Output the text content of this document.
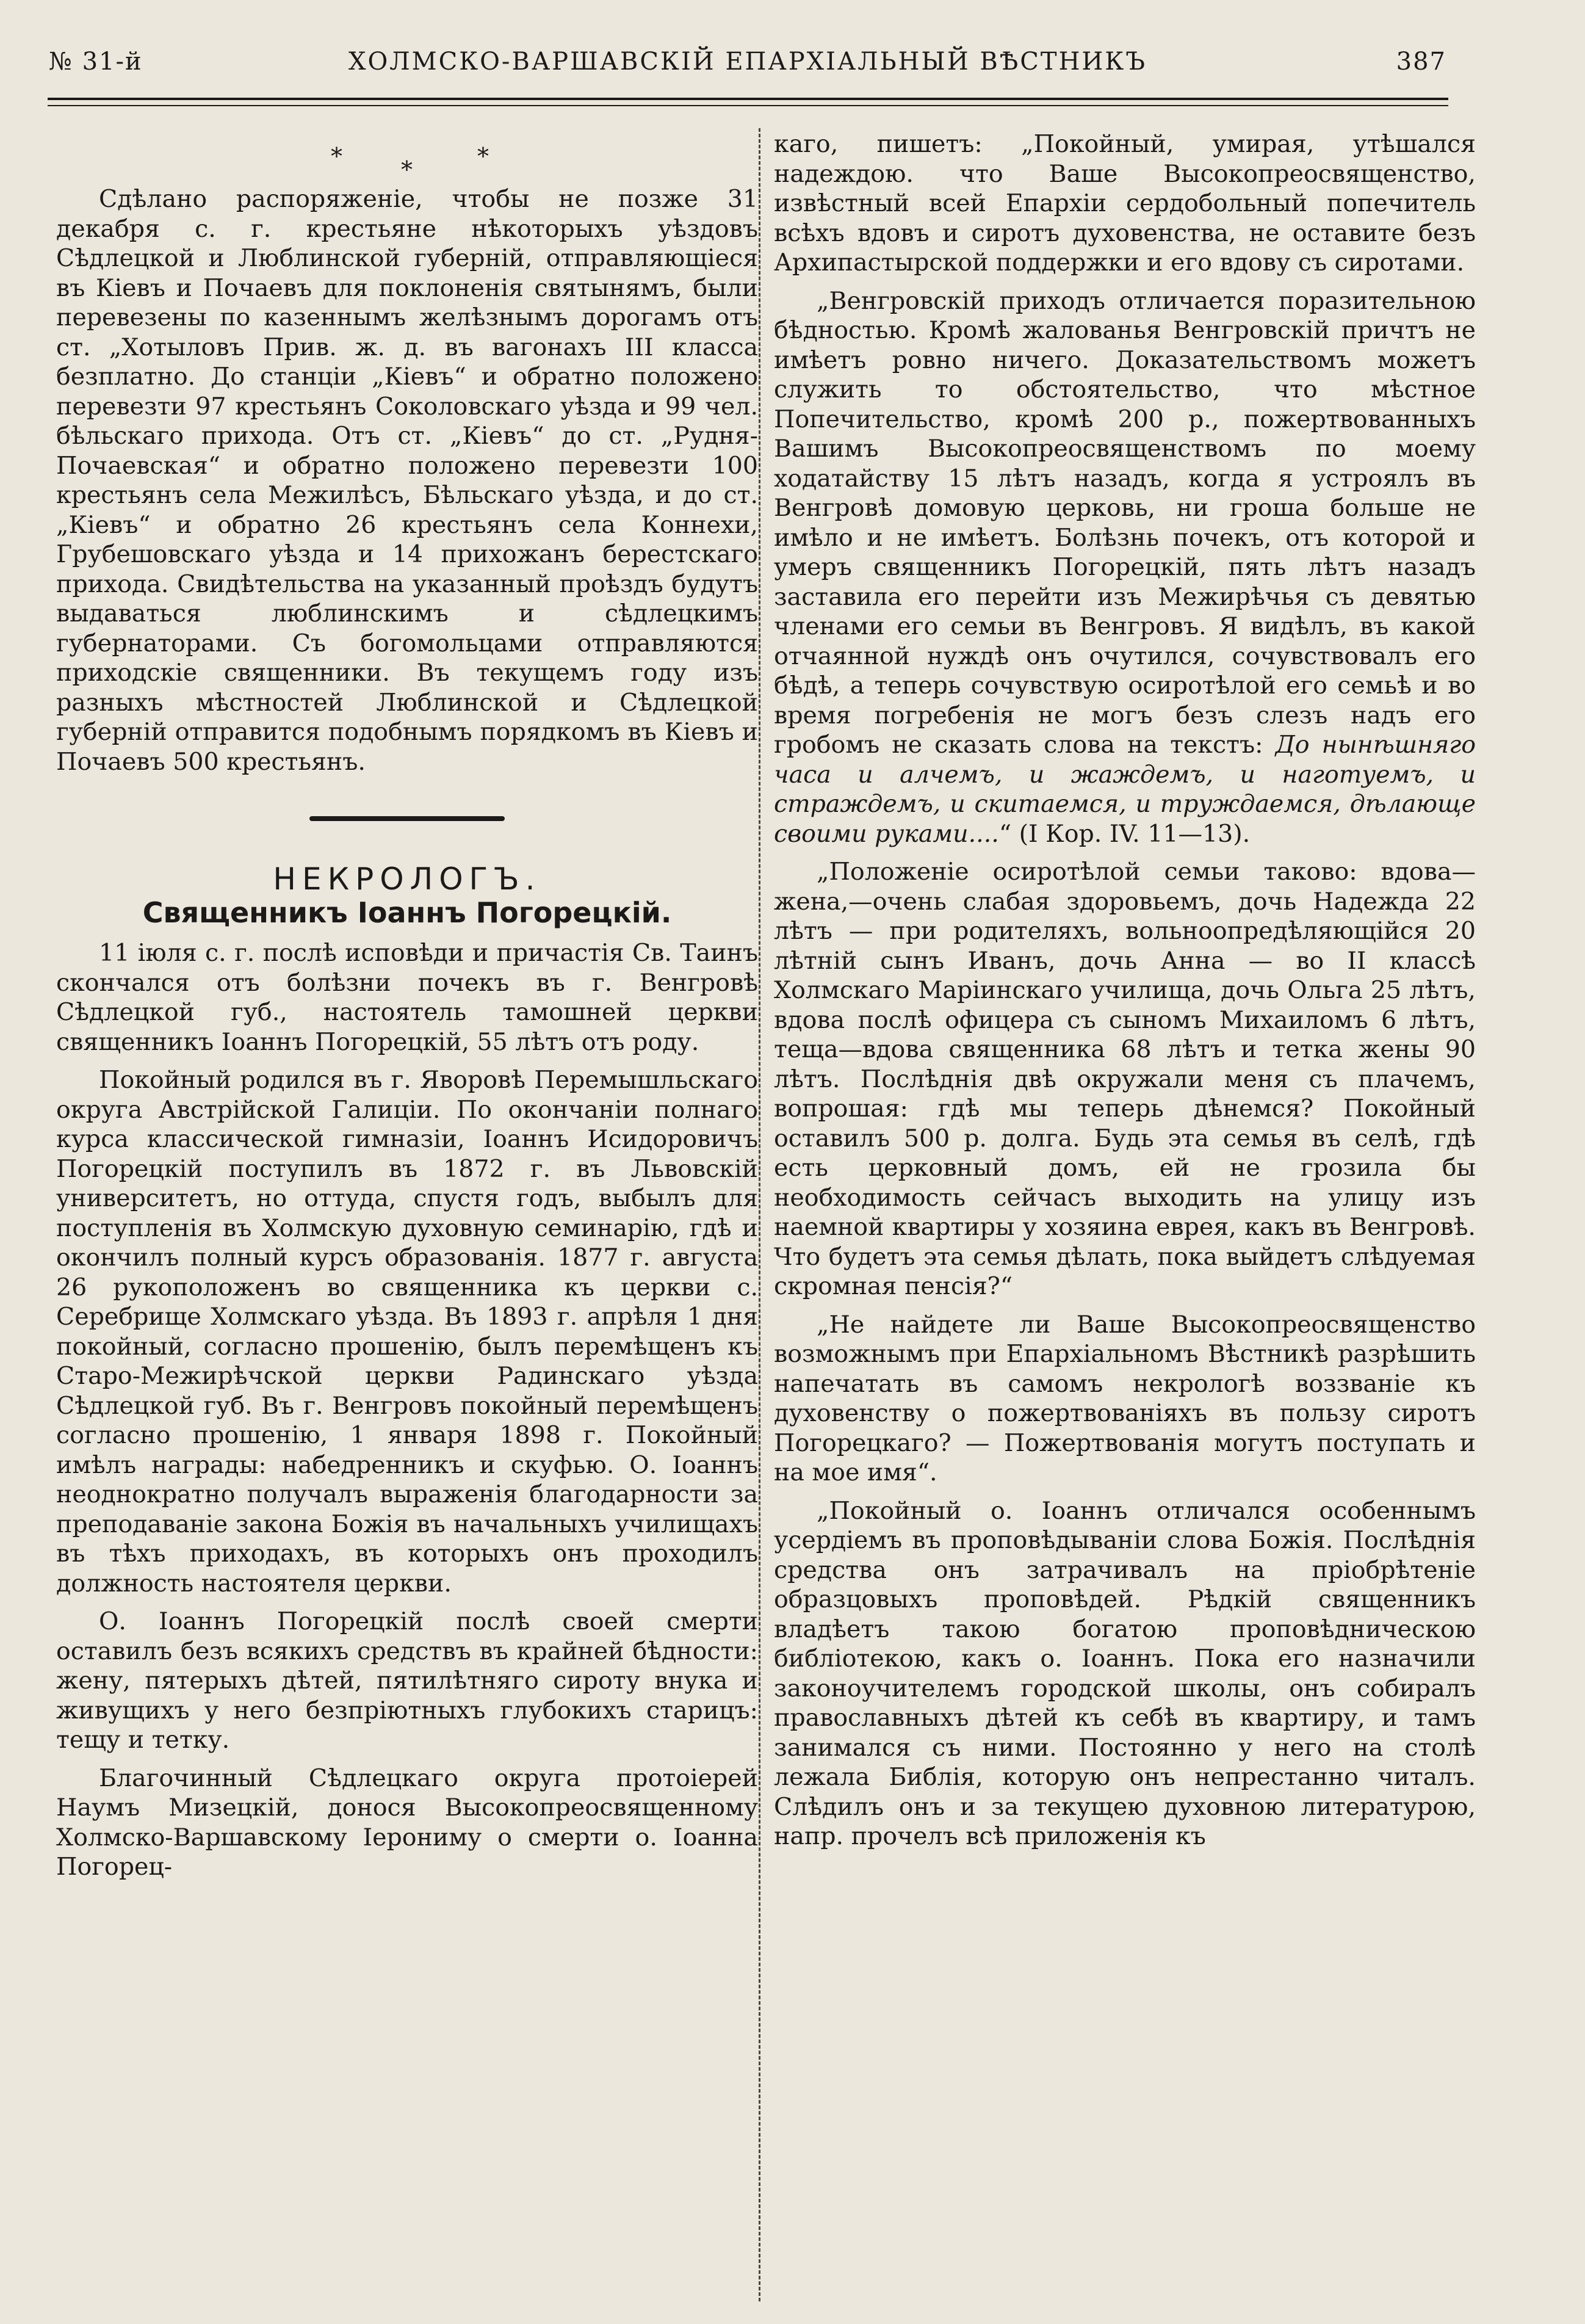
№ 31-й	ХОЛМСКО-ВАРШАВСКІЙ ЕПАРХІАЛЬНЫЙ ВѢСТНИКЪ	387
*	*	*

Сдѣлано распоряженіе, чтобы не позже 31 декабря с. г. крестьяне нѣкоторыхъ уѣздовъ Сѣдлецкой и Люблинской губерній, отправляющіеся въ Кіевъ и Почаевъ для поклоненія святынямъ, были перевезены по казеннымъ желѣзнымъ дорогамъ отъ ст. „Хотыловъ Прив. ж. д. въ вагонахъ III класса безплатно. До станціи „Кіевъ“ и обратно положено перевезти 97 крестьянъ Соколовскаго уѣзда и 99 чел. бѣльскаго прихода. Отъ ст. „Кіевъ“ до ст. „Рудня-Почаевская“ и обратно положено перевезти 100 крестьянъ села Межилѣсъ, Бѣльскаго уѣзда, и до ст. „Кіевъ“ и обратно 26 крестьянъ села Коннехи, Грубешовскаго уѣзда и 14 прихожанъ берестскаго прихода. Свидѣтельства на указанный проѣздъ будутъ выдаваться люблинскимъ и сѣдлецкимъ губернаторами. Съ богомольцами отправляются приходскіе священники. Въ текущемъ году изъ разныхъ мѣстностей Люблинской и Сѣдлецкой губерній отправится подобнымъ порядкомъ въ Кіевъ и Почаевъ 500 крестьянъ.

НЕКРОЛОГЪ.
Священникъ Іоаннъ Погорецкій.

11 іюля с. г. послѣ исповѣди и причастія Св. Таинъ скончался отъ болѣзни почекъ въ г. Венгровѣ Сѣдлецкой губ., настоятель тамошней церкви священникъ Іоаннъ Погорецкій, 55 лѣтъ отъ роду.

Покойный родился въ г. Яворовѣ Перемышльскаго округа Австрійской Галиціи. По окончаніи полнаго курса классической гимназіи, Іоаннъ Исидоровичъ Погорецкій поступилъ въ 1872 г. въ Львовскій университетъ, но оттуда, спустя годъ, выбылъ для поступленія въ Холмскую духовную семинарію, гдѣ и окончилъ полный курсъ образованія. 1877 г. августа 26 рукоположенъ во священника къ церкви с. Серебрище Холмскаго уѣзда. Въ 1893 г. апрѣля 1 дня покойный, согласно прошенію, былъ перемѣщенъ къ Старо-Межирѣчской церкви Радинскаго уѣзда Сѣдлецкой губ. Въ г. Венгровъ покойный перемѣщенъ согласно прошенію, 1 января 1898 г. Покойный имѣлъ награды: набедренникъ и скуфью. О. Іоаннъ неоднократно получалъ выраженія благодарности за преподаваніе закона Божія въ начальныхъ училищахъ въ тѣхъ приходахъ, въ которыхъ онъ проходилъ должность настоятеля церкви.

О. Іоаннъ Погорецкій послѣ своей смерти оставилъ безъ всякихъ средствъ въ крайней бѣдности: жену, пятерыхъ дѣтей, пятилѣтняго сироту внука и живущихъ у него безпріютныхъ глубокихъ старицъ: тещу и тетку.

Благочинный Сѣдлецкаго округа протоіерей Наумъ Мизецкій, донося Высокопреосвященному Холмско-Варшавскому Іерониму о смерти о. Іоанна Погорец-

каго, пишетъ: „Покойный, умирая, утѣшался надеждою. что Ваше Высокопреосвященство, извѣстный всей Епархіи сердобольный попечитель всѣхъ вдовъ и сиротъ духовенства, не оставите безъ Архипастырской поддержки и его вдову съ сиротами.

„Венгровскій приходъ отличается поразительною бѣдностью. Кромѣ жалованья Венгровскій причтъ не имѣетъ ровно ничего. Доказательствомъ можетъ служить то обстоятельство, что мѣстное Попечительство, кромѣ 200 р., пожертвованныхъ Вашимъ Высокопреосвященствомъ по моему ходатайству 15 лѣтъ назадъ, когда я устроялъ въ Венгровѣ домовую церковь, ни гроша больше не имѣло и не имѣетъ. Болѣзнь почекъ, отъ которой и умеръ священникъ Погорецкій, пять лѣтъ назадъ заставила его перейти изъ Межирѣчья съ девятью членами его семьи въ Венгровъ. Я видѣлъ, въ какой отчаянной нуждѣ онъ очутился, сочувствовалъ его бѣдѣ, а теперь сочувствую осиротѣлой его семьѣ и во время погребенія не могъ безъ слезъ надъ его гробомъ не сказать слова на текстъ: До нынѣшняго часа и алчемъ, и жаждемъ, и наготуемъ, и страждемъ, и скитаемся, и труждаемся, дѣлающе своими руками....“ (I Кор. IV. 11—13).

„Положеніе осиротѣлой семьи таково: вдова—жена,—очень слабая здоровьемъ, дочь Надежда 22 лѣтъ — при родителяхъ, вольноопредѣляющійся 20 лѣтній сынъ Иванъ, дочь Анна — во II классѣ Холмскаго Маріинскаго училища, дочь Ольга 25 лѣтъ, вдова послѣ офицера съ сыномъ Михаиломъ 6 лѣтъ, теща—вдова священника 68 лѣтъ и тетка жены 90 лѣтъ. Послѣднія двѣ окружали меня съ плачемъ, вопрошая: гдѣ мы теперь дѣнемся? Покойный оставилъ 500 р. долга. Будь эта семья въ селѣ, гдѣ есть церковный домъ, ей не грозила бы необходимость сейчасъ выходить на улицу изъ наемной квартиры у хозяина еврея, какъ въ Венгровѣ. Что будетъ эта семья дѣлать, пока выйдетъ слѣдуемая скромная пенсія?“

„Не найдете ли Ваше Высокопреосвященство возможнымъ при Епархіальномъ Вѣстникѣ разрѣшить напечатать въ самомъ некрологѣ воззваніе къ духовенству о пожертвованіяхъ въ пользу сиротъ Погорецкаго? — Пожертвованія могутъ поступать и на мое имя“.

„Покойный о. Іоаннъ отличался особеннымъ усердіемъ въ проповѣдываніи слова Божія. Послѣднія средства онъ затрачивалъ на пріобрѣтеніе образцовыхъ проповѣдей. Рѣдкій священникъ владѣетъ такою богатою проповѣдническою библіотекою, какъ о. Іоаннъ. Пока его назначили законоучителемъ городской школы, онъ собиралъ православныхъ дѣтей къ себѣ въ квартиру, и тамъ занимался съ ними. Постоянно у него на столѣ лежала Библія, которую онъ непрестанно читалъ. Слѣдилъ онъ и за текущею духовною литературою, напр. прочелъ всѣ приложенія къ
